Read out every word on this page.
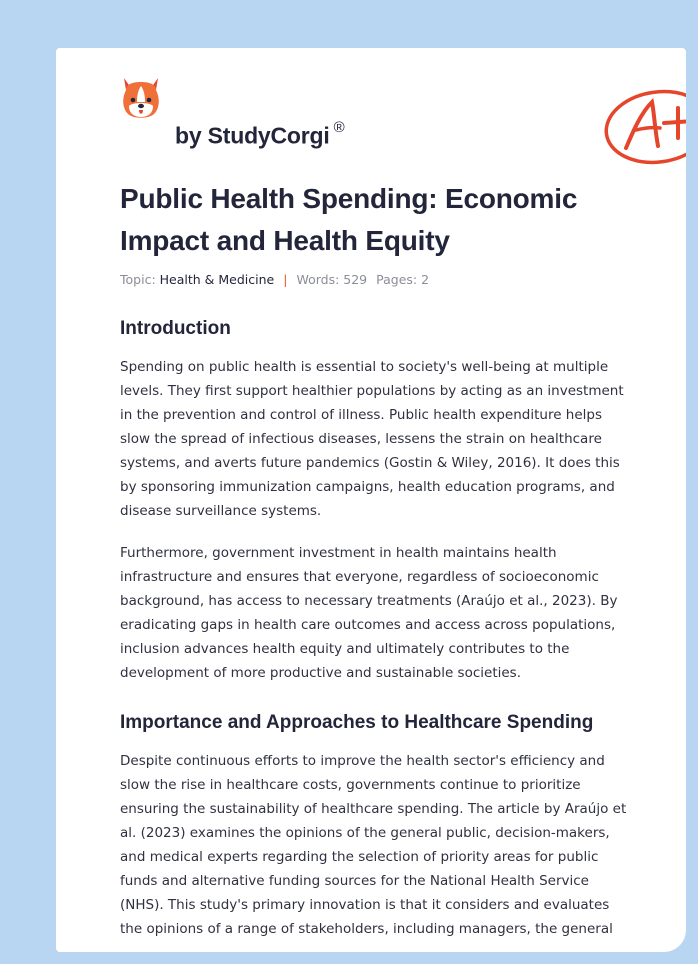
by StudyCorgi ®
Public Health Spending: Economic Impact and Health Equity
Topic: Health & Medicine | Words: 529 Pages: 2
Introduction

Spending on public health is essential to society's well-being at multiple levels. They first support healthier populations by acting as an investment in the prevention and control of illness. Public health expenditure helps slow the spread of infectious diseases, lessens the strain on healthcare systems, and averts future pandemics (Gostin & Wiley, 2016). It does this by sponsoring immunization campaigns, health education programs, and disease surveillance systems.

Furthermore, government investment in health maintains health infrastructure and ensures that everyone, regardless of socioeconomic background, has access to necessary treatments (Araújo et al., 2023). By eradicating gaps in health care outcomes and access across populations, inclusion advances health equity and ultimately contributes to the development of more productive and sustainable societies.

Importance and Approaches to Healthcare Spending

Despite continuous efforts to improve the health sector's efficiency and slow the rise in healthcare costs, governments continue to prioritize ensuring the sustainability of healthcare spending. The article by Araújo et al. (2023) examines the opinions of the general public, decision-makers, and medical experts regarding the selection of priority areas for public funds and alternative funding sources for the National Health Service (NHS). This study's primary innovation is that it considers and evaluates the opinions of a range of stakeholders, including managers, the general
